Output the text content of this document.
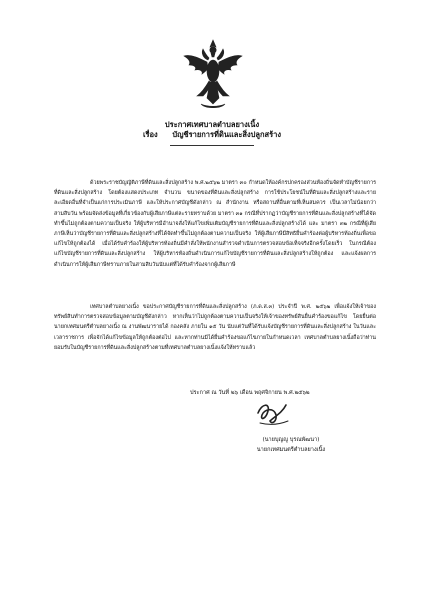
ประกาศเทศบาลตำบลยางเนิ้ง
เรื่อง บัญชีรายการที่ดินและสิ่งปลูกสร้าง
ด้วยพระราชบัญญัติภาษีที่ดินและสิ่งปลูกสร้าง พ.ศ.๒๕๖๒ มาตรา ๓๐ กำหนดให้องค์กรปกครองส่วนท้องถิ่นจัดทำบัญชีรายการที่ดินและสิ่งปลูกสร้าง โดยต้องแสดงประเภท จำนวน ขนาดของที่ดินและสิ่งปลูกสร้าง การใช้ประโยชน์ในที่ดินและสิ่งปลูกสร้างและรายละเอียดอื่นที่จำเป็นแก่การประเมินภาษี และให้ประกาศบัญชีดังกล่าว ณ สำนักงาน หรือสถานที่อื่นตามที่เห็นสมควร เป็นเวลาไม่น้อยกว่าสามสิบวัน พร้อมจัดส่งข้อมูลที่เกี่ยวข้องกับผู้เสียภาษีแต่ละรายทราบด้วย มาตรา ๓๑ กรณีที่ปรากฏว่าบัญชีรายการที่ดินและสิ่งปลูกสร้างที่ได้จัดทำขึ้นไม่ถูกต้องตามความเป็นจริง ให้ผู้บริหารมีอำนาจสั่งให้แก้ไขเพิ่มเติมบัญชีรายการที่ดินและสิ่งปลูกสร้างได้ และ มาตรา ๓๒ กรณีที่ผู้เสียภาษีเห็นว่าบัญชีรายการที่ดินและสิ่งปลูกสร้างที่ได้จัดทำขึ้นไม่ถูกต้องตามความเป็นจริง ให้ผู้เสียภาษีมีสิทธิยื่นคำร้องต่อผู้บริหารท้องถิ่นเพื่อขอแก้ไขให้ถูกต้องได้ เมื่อได้รับคำร้องให้ผู้บริหารท้องถิ่นมีคำสั่งให้พนักงานสำรวจดำเนินการตรวจสอบข้อเท็จจริงอีกครั้งโดยเร็ว ในกรณีต้องแก้ไขบัญชีรายการที่ดินและสิ่งปลูกสร้าง ให้ผู้บริหารท้องถิ่นดำเนินการแก้ไขบัญชีรายการที่ดินและสิ่งปลูกสร้างให้ถูกต้อง และแจ้งผลการดำเนินการให้ผู้เสียภาษีทราบภายในสามสิบวันนับแต่ที่ได้รับคำร้องจากผู้เสียภาษี
เทศบาลตำบลยางเนิ้ง ขอประกาศบัญชีรายการที่ดินและสิ่งปลูกสร้าง (ภ.ด.ส.๓) ประจำปี พ.ศ. ๒๕๖๒ เพื่อแจ้งให้เจ้าของทรัพย์สินทำการตรวจสอบข้อมูลตามบัญชีดังกล่าว หากเห็นว่าไม่ถูกต้องตามความเป็นจริงให้เจ้าของทรัพย์สินยื่นคำร้องขอแก้ไข โดยยื่นต่อนายกเทศมนตรีตำบลยางเนิ้ง ณ งานพัฒนารายได้ กองคลัง ภายใน ๑๕ วัน นับแต่วันที่ได้รับแจ้งบัญชีรายการที่ดินและสิ่งปลูกสร้าง ในวันและเวลาราชการ เพื่อจักได้แก้ไขข้อมูลให้ถูกต้องต่อไป และหากท่านมิได้ยื่นคำร้องขอแก้ไขภายในกำหนดเวลา เทศบาลตำบลยางเนิ้งถือว่าท่านยอมรับในบัญชีรายการที่ดินและสิ่งปลูกสร้างตามที่เทศบาลตำบลยางเนิ้งแจ้งให้ทราบแล้ว
ประกาศ ณ วันที่ ๒๖ เดือน พฤศจิกายน พ.ศ.๒๕๖๒
(นายบุญญู บุรณพัฒนา)
นายกเทศมนตรีตำบลยางเนิ้ง
